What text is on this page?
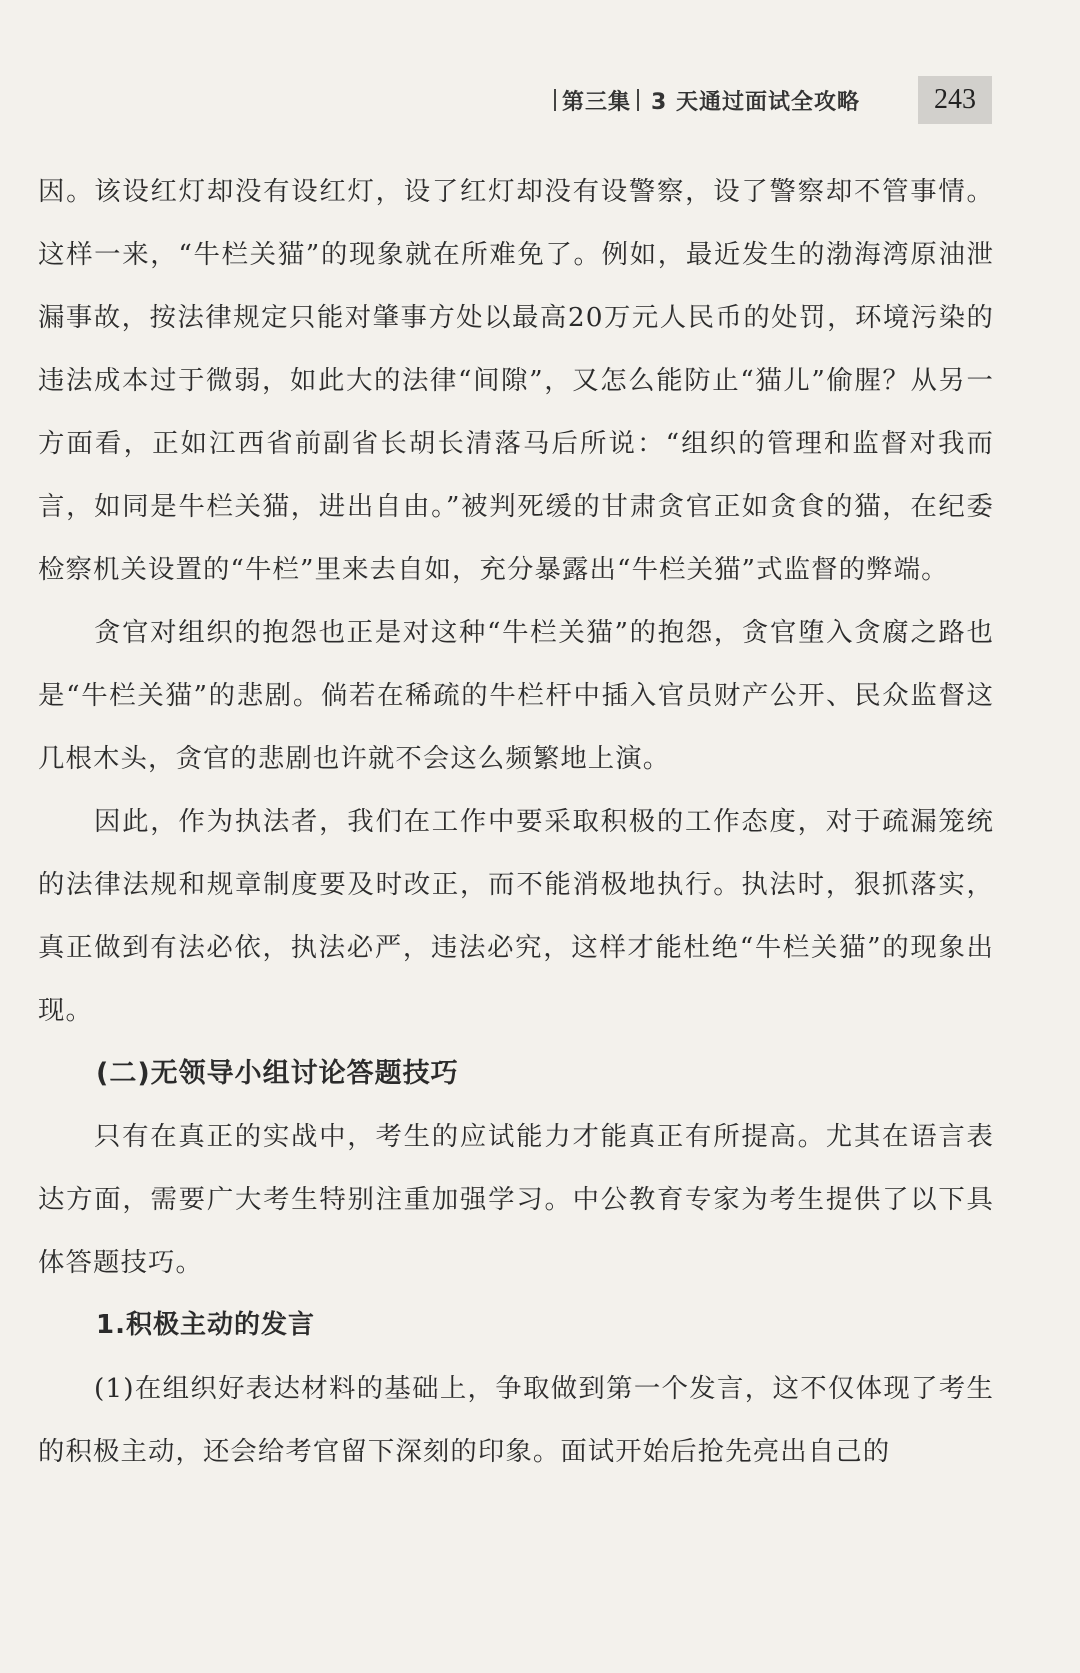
第三集 3 天通过面试全攻略	243

因。该设红灯却没有设红灯，设了红灯却没有设警察，设了警察却不管事情。这样一来，“牛栏关猫”的现象就在所难免了。例如，最近发生的渤海湾原油泄漏事故，按法律规定只能对肇事方处以最高20万元人民币的处罚，环境污染的违法成本过于微弱，如此大的法律“间隙”，又怎么能防止“猫儿”偷腥？从另一方面看，正如江西省前副省长胡长清落马后所说：“组织的管理和监督对我而言，如同是牛栏关猫，进出自由。”被判死缓的甘肃贪官正如贪食的猫，在纪委检察机关设置的“牛栏”里来去自如，充分暴露出“牛栏关猫”式监督的弊端。

贪官对组织的抱怨也正是对这种“牛栏关猫”的抱怨，贪官堕入贪腐之路也是“牛栏关猫”的悲剧。倘若在稀疏的牛栏杆中插入官员财产公开、民众监督这几根木头，贪官的悲剧也许就不会这么频繁地上演。

因此，作为执法者，我们在工作中要采取积极的工作态度，对于疏漏笼统的法律法规和规章制度要及时改正，而不能消极地执行。执法时，狠抓落实，真正做到有法必依，执法必严，违法必究，这样才能杜绝“牛栏关猫”的现象出现。

(二)无领导小组讨论答题技巧

只有在真正的实战中，考生的应试能力才能真正有所提高。尤其在语言表达方面，需要广大考生特别注重加强学习。中公教育专家为考生提供了以下具体答题技巧。

1.积极主动的发言

(1)在组织好表达材料的基础上，争取做到第一个发言，这不仅体现了考生的积极主动，还会给考官留下深刻的印象。面试开始后抢先亮出自己的
